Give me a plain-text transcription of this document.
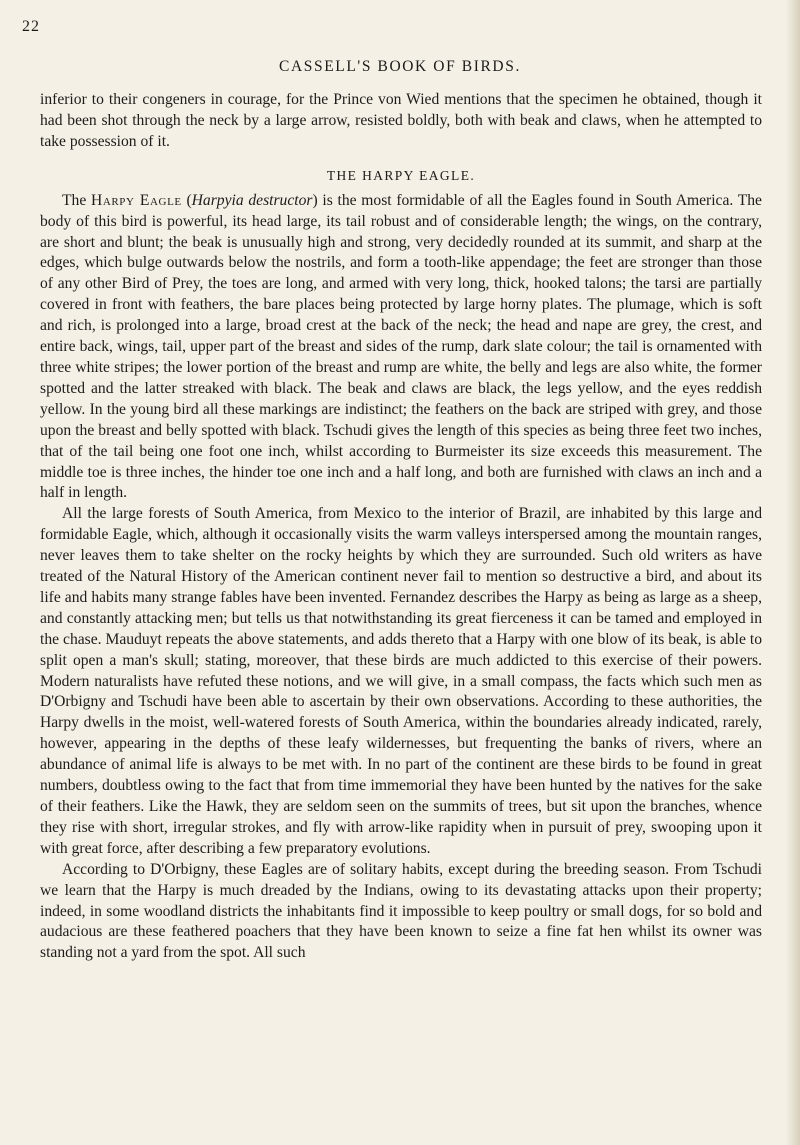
22
CASSELL'S BOOK OF BIRDS.

inferior to their congeners in courage, for the Prince von Wied mentions that the specimen he obtained, though it had been shot through the neck by a large arrow, resisted boldly, both with beak and claws, when he attempted to take possession of it.

THE HARPY EAGLE.

The Harpy Eagle (Harpyia destructor) is the most formidable of all the Eagles found in South America. The body of this bird is powerful, its head large, its tail robust and of considerable length; the wings, on the contrary, are short and blunt; the beak is unusually high and strong, very decidedly rounded at its summit, and sharp at the edges, which bulge outwards below the nostrils, and form a tooth-like appendage; the feet are stronger than those of any other Bird of Prey, the toes are long, and armed with very long, thick, hooked talons; the tarsi are partially covered in front with feathers, the bare places being protected by large horny plates. The plumage, which is soft and rich, is prolonged into a large, broad crest at the back of the neck; the head and nape are grey, the crest, and entire back, wings, tail, upper part of the breast and sides of the rump, dark slate colour; the tail is ornamented with three white stripes; the lower portion of the breast and rump are white, the belly and legs are also white, the former spotted and the latter streaked with black. The beak and claws are black, the legs yellow, and the eyes reddish yellow. In the young bird all these markings are indistinct; the feathers on the back are striped with grey, and those upon the breast and belly spotted with black. Tschudi gives the length of this species as being three feet two inches, that of the tail being one foot one inch, whilst according to Burmeister its size exceeds this measurement. The middle toe is three inches, the hinder toe one inch and a half long, and both are furnished with claws an inch and a half in length.

All the large forests of South America, from Mexico to the interior of Brazil, are inhabited by this large and formidable Eagle, which, although it occasionally visits the warm valleys interspersed among the mountain ranges, never leaves them to take shelter on the rocky heights by which they are surrounded. Such old writers as have treated of the Natural History of the American continent never fail to mention so destructive a bird, and about its life and habits many strange fables have been invented. Fernandez describes the Harpy as being as large as a sheep, and constantly attacking men; but tells us that notwithstanding its great fierceness it can be tamed and employed in the chase. Mauduyt repeats the above statements, and adds thereto that a Harpy with one blow of its beak, is able to split open a man's skull; stating, moreover, that these birds are much addicted to this exercise of their powers. Modern naturalists have refuted these notions, and we will give, in a small compass, the facts which such men as D'Orbigny and Tschudi have been able to ascertain by their own observations. According to these authorities, the Harpy dwells in the moist, well-watered forests of South America, within the boundaries already indicated, rarely, however, appearing in the depths of these leafy wildernesses, but frequenting the banks of rivers, where an abundance of animal life is always to be met with. In no part of the continent are these birds to be found in great numbers, doubtless owing to the fact that from time immemorial they have been hunted by the natives for the sake of their feathers. Like the Hawk, they are seldom seen on the summits of trees, but sit upon the branches, whence they rise with short, irregular strokes, and fly with arrow-like rapidity when in pursuit of prey, swooping upon it with great force, after describing a few preparatory evolutions.

According to D'Orbigny, these Eagles are of solitary habits, except during the breeding season. From Tschudi we learn that the Harpy is much dreaded by the Indians, owing to its devastating attacks upon their property; indeed, in some woodland districts the inhabitants find it impossible to keep poultry or small dogs, for so bold and audacious are these feathered poachers that they have been known to seize a fine fat hen whilst its owner was standing not a yard from the spot. All such
